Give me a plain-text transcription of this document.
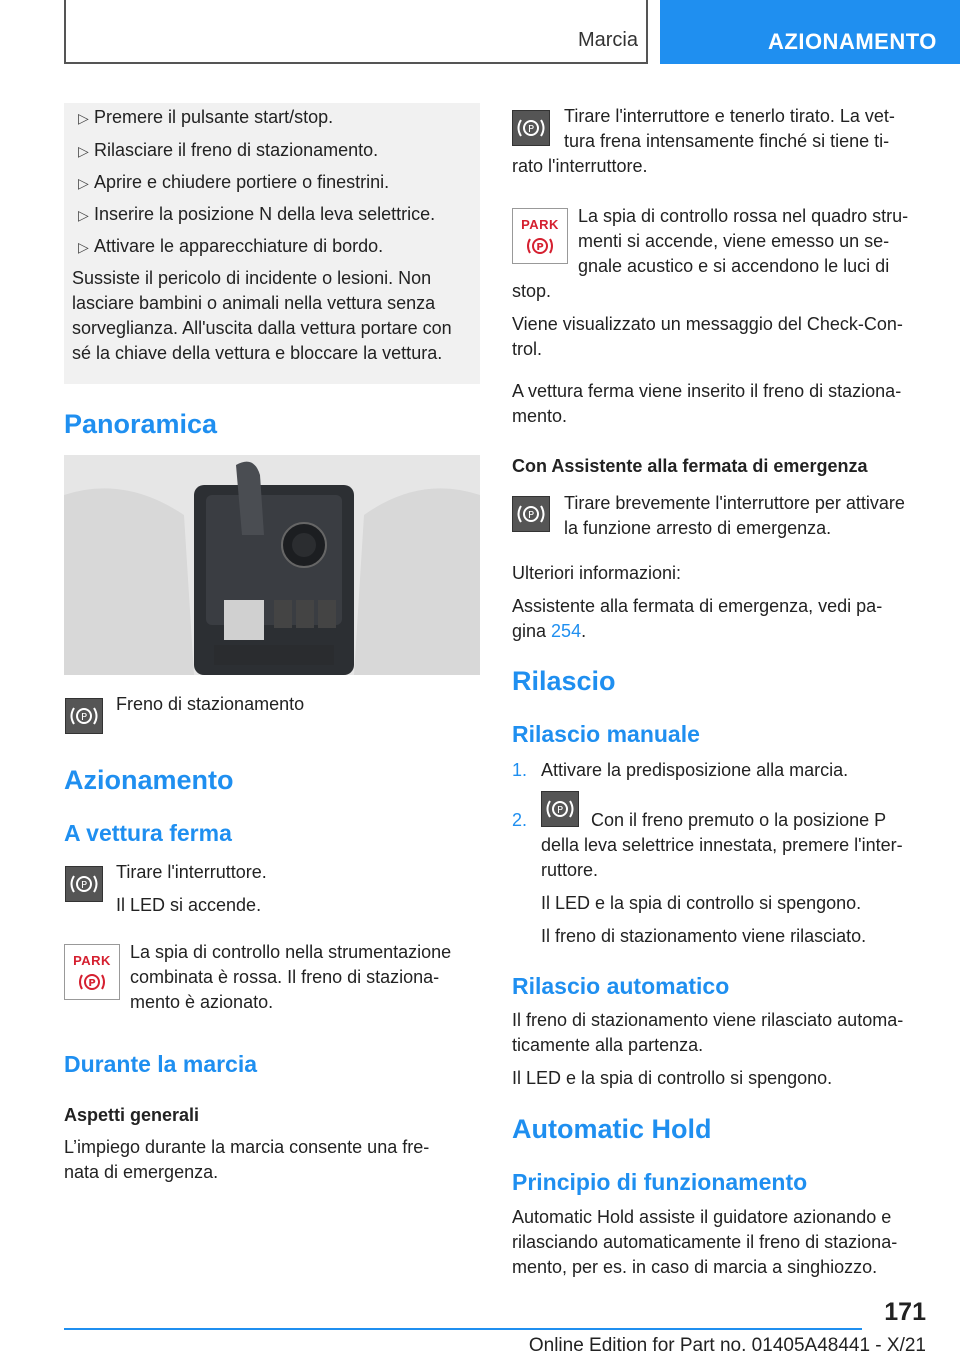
Marcia	AZIONAMENTO
▷ Premere il pulsante start/stop.
▷ Rilasciare il freno di stazionamento.
▷ Aprire e chiudere portiere o finestrini.
▷ Inserire la posizione N della leva selettrice.
▷ Attivare le apparecchiature di bordo.
Sussiste il pericolo di incidente o lesioni. Non
lasciare bambini o animali nella vettura senza
sorveglianza. All'uscita dalla vettura portare con
sé la chiave della vettura e bloccare la vettura.
Panoramica
P
Freno di stazionamento
Azionamento
A vettura ferma
P
Tirare l'interruttore.
Il LED si accende.
PARK
P
La spia di controllo nella strumentazione
combinata è rossa. Il freno di staziona-
mento è azionato.
Durante la marcia
Aspetti generali
L’impiego durante la marcia consente una fre-
nata di emergenza.
P
Tirare l'interruttore e tenerlo tirato. La vet-
tura frena intensamente finché si tiene ti-
rato l'interruttore.
PARK
P
La spia di controllo rossa nel quadro stru-
menti si accende, viene emesso un se-
gnale acustico e si accendono le luci di
stop.
Viene visualizzato un messaggio del Check-Con-
trol.
A vettura ferma viene inserito il freno di staziona-
mento.
Con Assistente alla fermata di emergenza
P
Tirare brevemente l'interruttore per attivare
la funzione arresto di emergenza.
Ulteriori informazioni:
Assistente alla fermata di emergenza, vedi pa-
gina 254.
Rilascio
Rilascio manuale
1. Attivare la predisposizione alla marcia.
2.	P Con il freno premuto o la posizione P
della leva selettrice innestata, premere l'inter-
ruttore.
Il LED e la spia di controllo si spengono.
Il freno di stazionamento viene rilasciato.
Rilascio automatico
Il freno di stazionamento viene rilasciato automa-
ticamente alla partenza.
Il LED e la spia di controllo si spengono.
Automatic Hold
Principio di funzionamento
Automatic Hold assiste il guidatore azionando e
rilasciando automaticamente il freno di staziona-
mento, per es. in caso di marcia a singhiozzo.
171
Online Edition for Part no. 01405A48441 - X/21
